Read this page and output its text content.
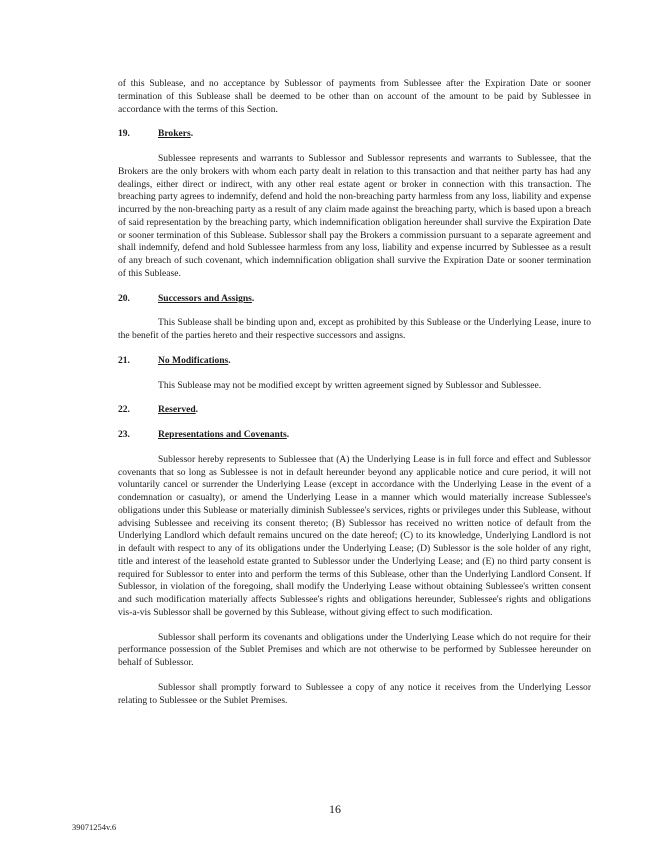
of this Sublease, and no acceptance by Sublessor of payments from Sublessee after the Expiration Date or sooner termination of this Sublease shall be deemed to be other than on account of the amount to be paid by Sublessee in accordance with the terms of this Section.

19.	Brokers.

Sublessee represents and warrants to Sublessor and Sublessor represents and warrants to Sublessee, that the Brokers are the only brokers with whom each party dealt in relation to this transaction and that neither party has had any dealings, either direct or indirect, with any other real estate agent or broker in connection with this transaction. The breaching party agrees to indemnify, defend and hold the non-breaching party harmless from any loss, liability and expense incurred by the non-breaching party as a result of any claim made against the breaching party, which is based upon a breach of said representation by the breaching party, which indemnification obligation hereunder shall survive the Expiration Date or sooner termination of this Sublease. Sublessor shall pay the Brokers a commission pursuant to a separate agreement and shall indemnify, defend and hold Sublessee harmless from any loss, liability and expense incurred by Sublessee as a result of any breach of such covenant, which indemnification obligation shall survive the Expiration Date or sooner termination of this Sublease.

20.	Successors and Assigns.

This Sublease shall be binding upon and, except as prohibited by this Sublease or the Underlying Lease, inure to the benefit of the parties hereto and their respective successors and assigns.

21.	No Modifications.

This Sublease may not be modified except by written agreement signed by Sublessor and Sublessee.

22.	Reserved.
23.	Representations and Covenants.

Sublessor hereby represents to Sublessee that (A) the Underlying Lease is in full force and effect and Sublessor covenants that so long as Sublessee is not in default hereunder beyond any applicable notice and cure period, it will not voluntarily cancel or surrender the Underlying Lease (except in accordance with the Underlying Lease in the event of a condemnation or casualty), or amend the Underlying Lease in a manner which would materially increase Sublessee's obligations under this Sublease or materially diminish Sublessee's services, rights or privileges under this Sublease, without advising Sublessee and receiving its consent thereto; (B) Sublessor has received no written notice of default from the Underlying Landlord which default remains uncured on the date hereof; (C) to its knowledge, Underlying Landlord is not in default with respect to any of its obligations under the Underlying Lease; (D) Sublessor is the sole holder of any right, title and interest of the leasehold estate granted to Sublessor under the Underlying Lease; and (E) no third party consent is required for Sublessor to enter into and perform the terms of this Sublease, other than the Underlying Landlord Consent. If Sublessor, in violation of the foregoing, shall modify the Underlying Lease without obtaining Sublessee's written consent and such modification materially affects Sublessee's rights and obligations hereunder, Sublessee's rights and obligations vis-a-vis Sublessor shall be governed by this Sublease, without giving effect to such modification.

Sublessor shall perform its covenants and obligations under the Underlying Lease which do not require for their performance possession of the Sublet Premises and which are not otherwise to be performed by Sublessee hereunder on behalf of Sublessor.

Sublessor shall promptly forward to Sublessee a copy of any notice it receives from the Underlying Lessor relating to Sublessee or the Sublet Premises.

16
39071254v.6
